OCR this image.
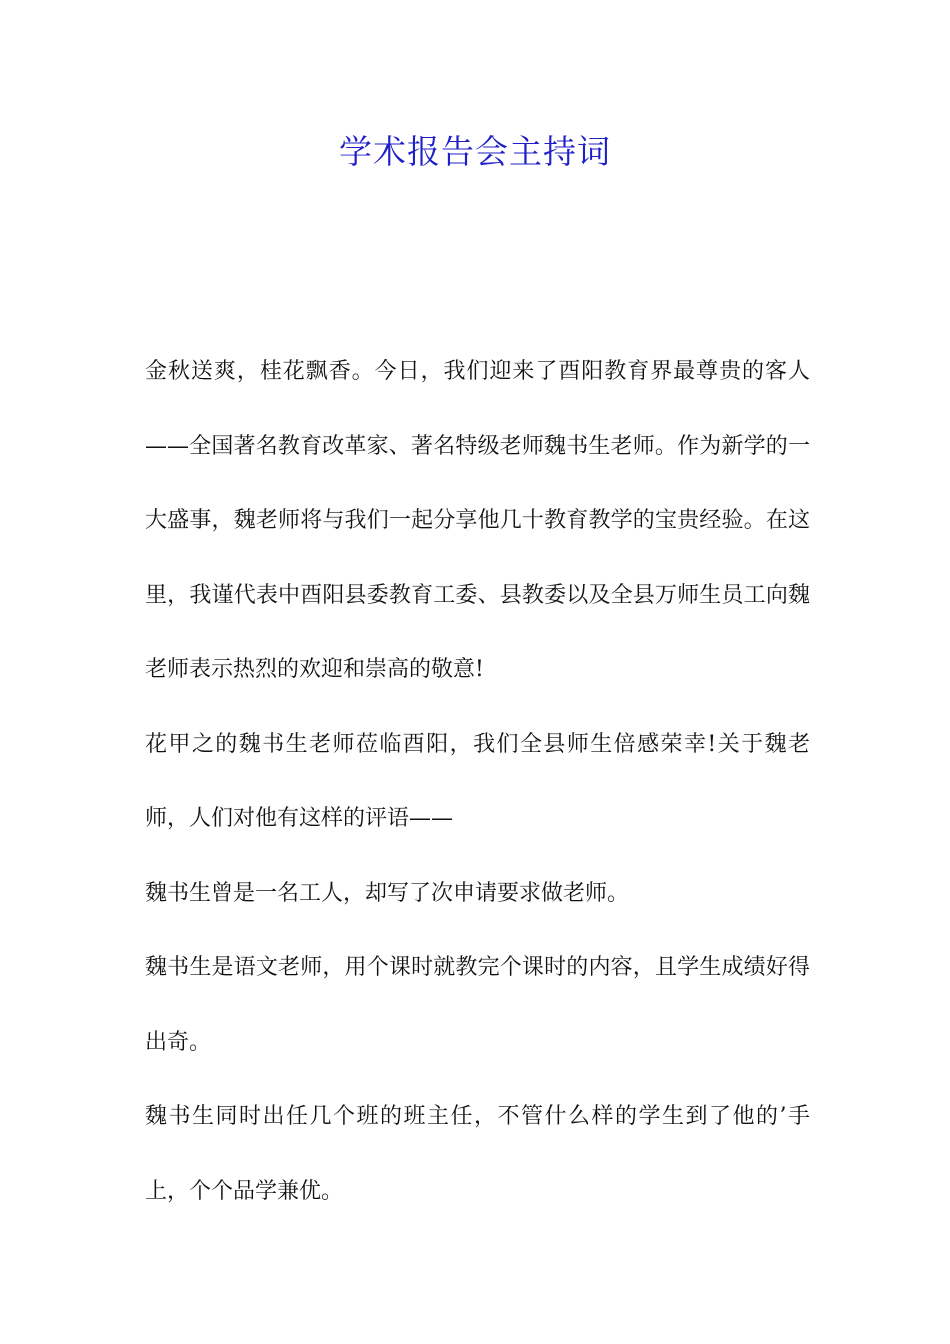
学术报告会主持词

金秋送爽，桂花飘香。今日，我们迎来了酉阳教育界最尊贵的客人——全国著名教育改革家、著名特级老师魏书生老师。作为新学的一大盛事，魏老师将与我们一起分享他几十教育教学的宝贵经验。在这里，我谨代表中酉阳县委教育工委、县教委以及全县万师生员工向魏老师表示热烈的欢迎和崇高的敬意!

花甲之的魏书生老师莅临酉阳，我们全县师生倍感荣幸!关于魏老师，人们对他有这样的评语——

魏书生曾是一名工人，却写了次申请要求做老师。

魏书生是语文老师，用个课时就教完个课时的内容，且学生成绩好得出奇。

魏书生同时出任几个班的班主任，不管什么样的学生到了他的’手上，个个品学兼优。
